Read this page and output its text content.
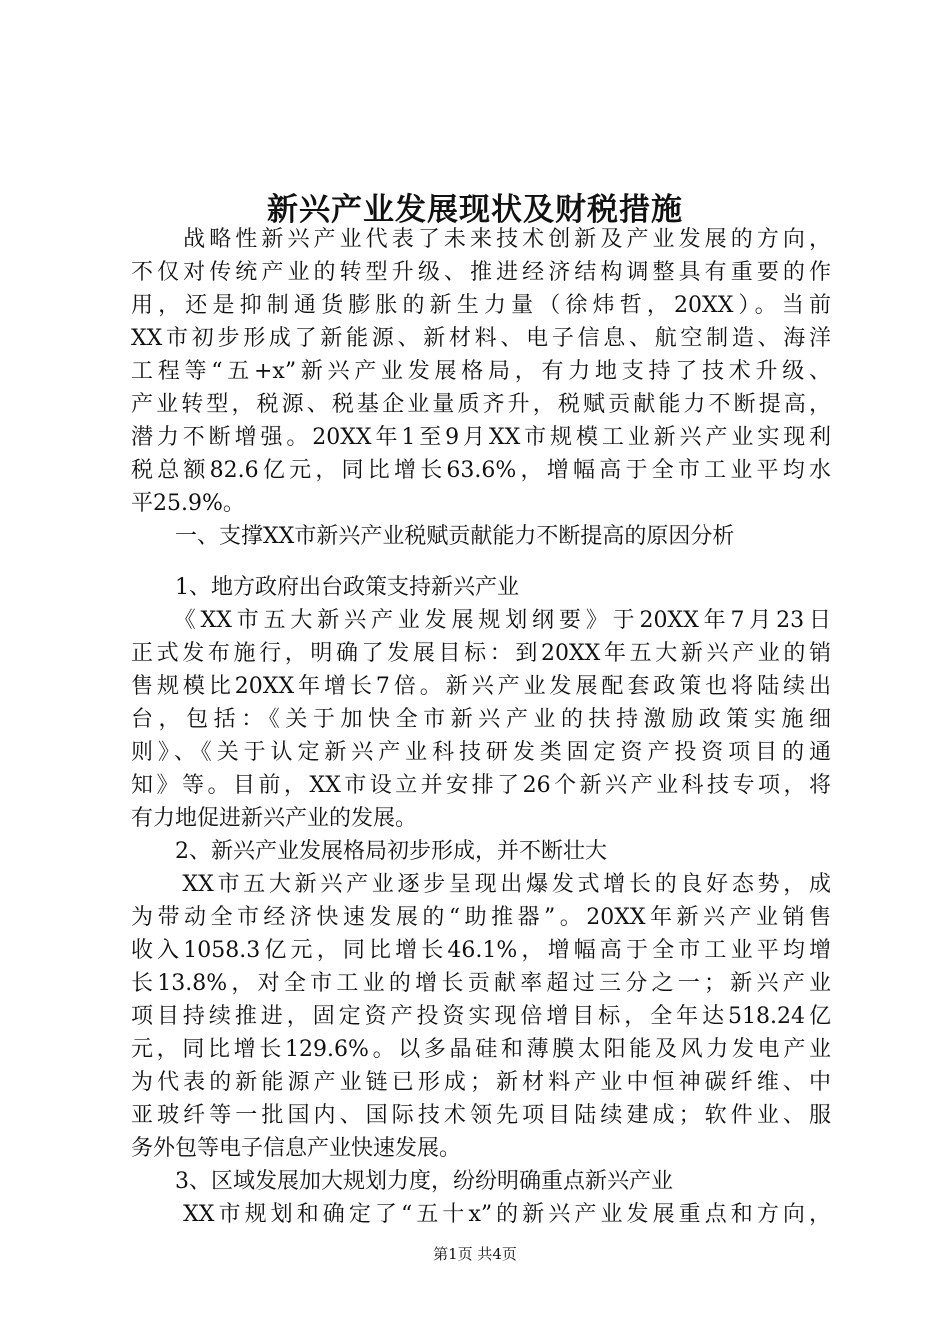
新兴产业发展现状及财税措施
　　战略性新兴产业代表了未来技术创新及产业发展的方向，
不仅对传统产业的转型升级、推进经济结构调整具有重要的作
用，还是抑制通货膨胀的新生力量（徐炜哲，20XX）。当前
XX市初步形成了新能源、新材料、电子信息、航空制造、海洋
工程等“五+x”新兴产业发展格局，有力地支持了技术升级、
产业转型，税源、税基企业量质齐升，税赋贡献能力不断提高，
潜力不断增强。20XX年1至9月XX市规模工业新兴产业实现利
税总额82.6亿元，同比增长63.6%，增幅高于全市工业平均水
平25.9%。
　　一、支撑XX市新兴产业税赋贡献能力不断提高的原因分析
　　1、地方政府出台政策支持新兴产业
　　《XX市五大新兴产业发展规划纲要》于20XX年7月23日
正式发布施行，明确了发展目标：到20XX年五大新兴产业的销
售规模比20XX年增长7倍。新兴产业发展配套政策也将陆续出
台，包括：《关于加快全市新兴产业的扶持激励政策实施细
则》、《关于认定新兴产业科技研发类固定资产投资项目的通
知》等。目前，XX市设立并安排了26个新兴产业科技专项，将
有力地促进新兴产业的发展。
　　2、新兴产业发展格局初步形成，并不断壮大
　　XX市五大新兴产业逐步呈现出爆发式增长的良好态势，成
为带动全市经济快速发展的“助推器”。20XX年新兴产业销售
收入1058.3亿元，同比增长46.1%，增幅高于全市工业平均增
长13.8%，对全市工业的增长贡献率超过三分之一；新兴产业
项目持续推进，固定资产投资实现倍增目标，全年达518.24亿
元，同比增长129.6%。以多晶硅和薄膜太阳能及风力发电产业
为代表的新能源产业链已形成；新材料产业中恒神碳纤维、中
亚玻纤等一批国内、国际技术领先项目陆续建成；软件业、服
务外包等电子信息产业快速发展。
　　3、区域发展加大规划力度，纷纷明确重点新兴产业
　　XX市规划和确定了“五十x”的新兴产业发展重点和方向，
第1页 共4页
